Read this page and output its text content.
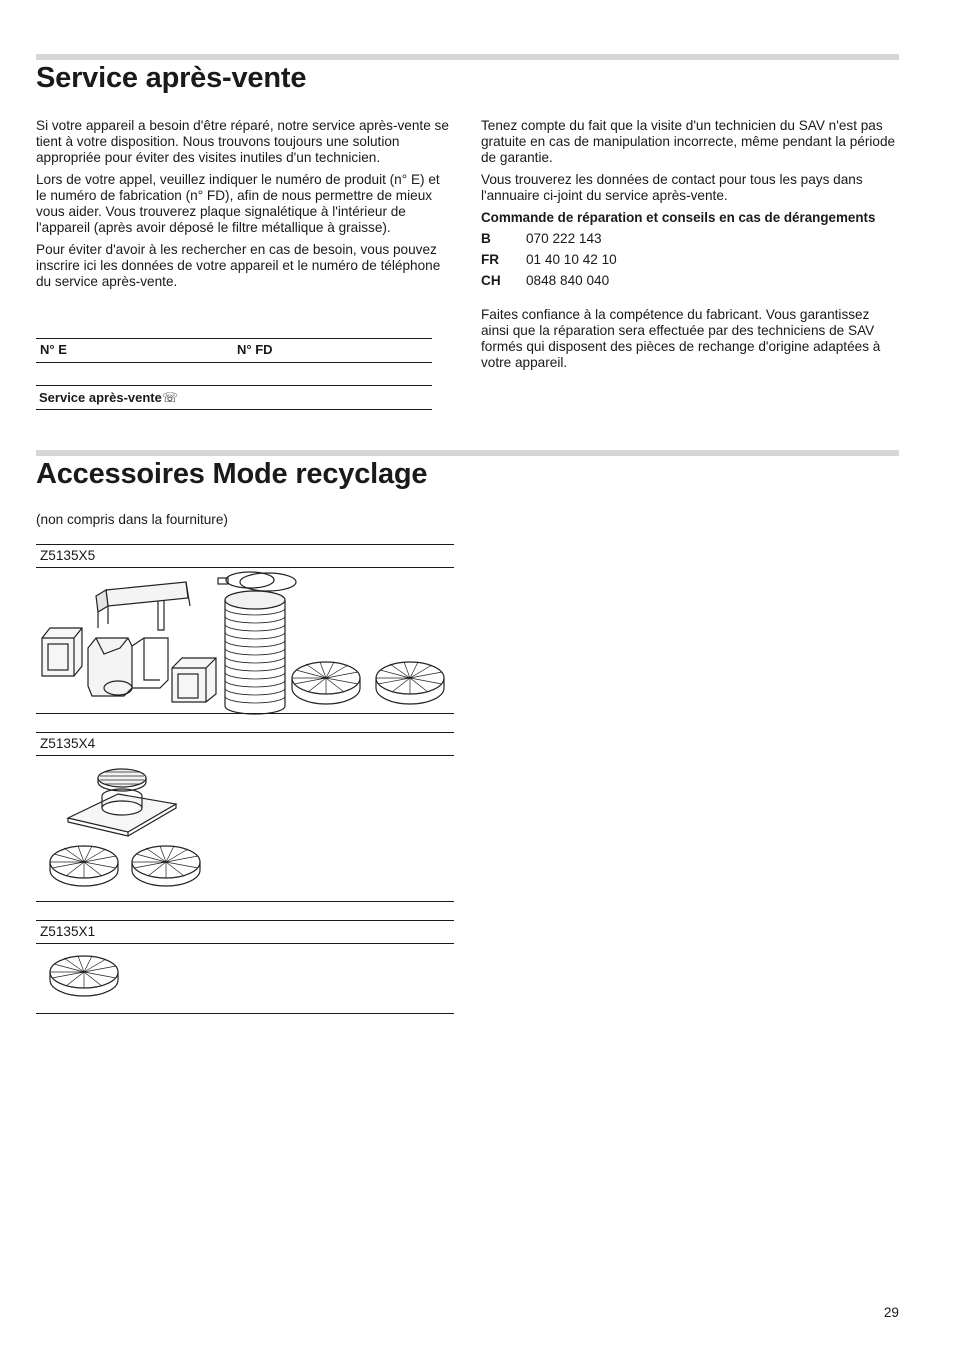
Service après-vente

Si votre appareil a besoin d'être réparé, notre service après-vente se tient à votre disposition. Nous trouvons toujours une solution appropriée pour éviter des visites inutiles d'un technicien.

Lors de votre appel, veuillez indiquer le numéro de produit (n° E) et le numéro de fabrication (n° FD), afin de nous permettre de mieux vous aider. Vous trouverez plaque signalétique à l'intérieur de l'appareil (après avoir déposé le filtre métallique à graisse).

Pour éviter d'avoir à les rechercher en cas de besoin, vous pouvez inscrire ici les données de votre appareil et le numéro de téléphone du service après-vente.

N° E	N° FD
Service après-vente☏

Tenez compte du fait que la visite d'un technicien du SAV n'est pas gratuite en cas de manipulation incorrecte, même pendant la période de garantie.

Vous trouverez les données de contact pour tous les pays dans l'annuaire ci-joint du service après-vente.

Commande de réparation et conseils en cas de dérangements
B	070 222 143
FR	01 40 10 42 10
CH	0848 840 040

Faites confiance à la compétence du fabricant. Vous garantissez ainsi que la réparation sera effectuée par des techniciens de SAV formés qui disposent des pièces de rechange d'origine adaptées à votre appareil.

Accessoires Mode recyclage
(non compris dans la fourniture)
Z5135X5
Z5135X4
Z5135X1
29
